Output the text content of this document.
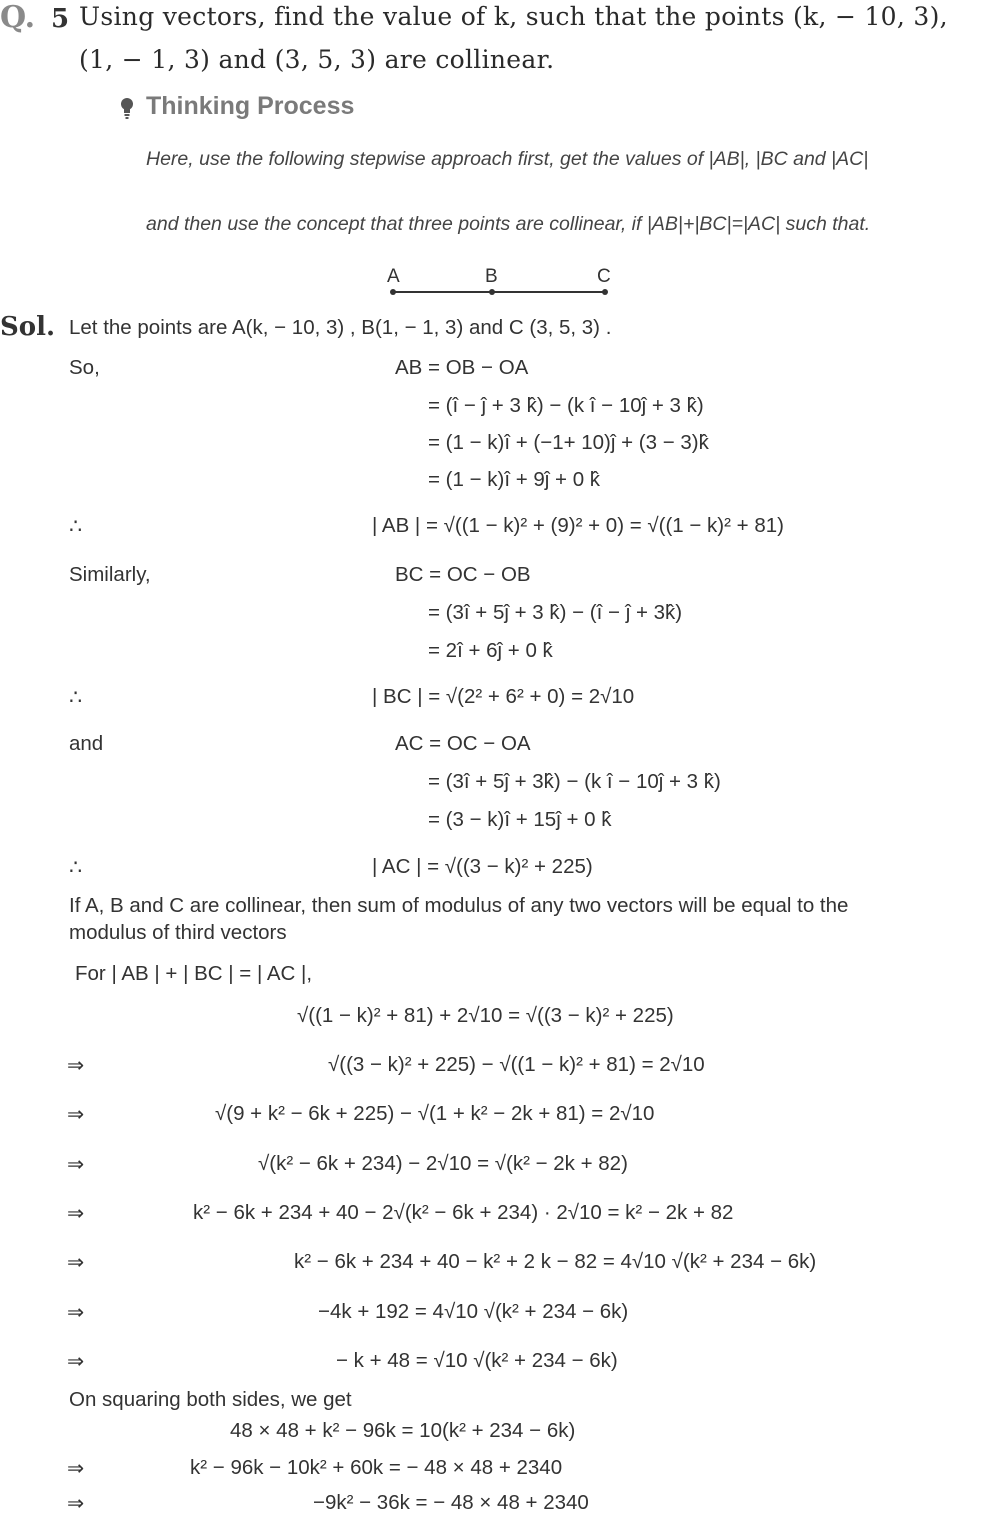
Q. 5 Using vectors, find the value of k, such that the points (k, − 10, 3),
(1, − 1, 3) and (3, 5, 3) are collinear.
Thinking Process
Here, use the following stepwise approach first, get the values of |AB|, |BC and |AC|
and then use the concept that three points are collinear, if |AB|+|BC|=|AC| such that.
A	B	C
Sol. Let the points are A(k, − 10, 3) , B(1, − 1, 3) and C (3, 5, 3) .
So,	AB = OB − OA
= (î − ĵ + 3 k̂) − (k î − 10ĵ + 3 k̂)
= (1 − k)î + (−1+ 10)ĵ + (3 − 3)k̂
= (1 − k)î + 9ĵ + 0 k̂
∴	| AB | = √((1 − k)² + (9)² + 0) = √((1 − k)² + 81)
Similarly,	BC = OC − OB
= (3î + 5ĵ + 3 k̂) − (î − ĵ + 3k̂)
= 2î + 6ĵ + 0 k̂
∴	| BC | = √(2² + 6² + 0) = 2√10
and	AC = OC − OA
= (3î + 5ĵ + 3k̂) − (k î − 10ĵ + 3 k̂)
= (3 − k)î + 15ĵ + 0 k̂
∴	| AC | = √((3 − k)² + 225)
If A, B and C are collinear, then sum of modulus of any two vectors will be equal to the
modulus of third vectors
For | AB | + | BC | = | AC |,
√((1 − k)² + 81) + 2√10 = √((3 − k)² + 225)
⇒	√((3 − k)² + 225) − √((1 − k)² + 81) = 2√10
⇒	√(9 + k² − 6k + 225) − √(1 + k² − 2k + 81) = 2√10
⇒	√(k² − 6k + 234) − 2√10 = √(k² − 2k + 82)
⇒	k² − 6k + 234 + 40 − 2√(k² − 6k + 234) · 2√10 = k² − 2k + 82
⇒	k² − 6k + 234 + 40 − k² + 2 k − 82 = 4√10 √(k² + 234 − 6k)
⇒	−4k + 192 = 4√10 √(k² + 234 − 6k)
⇒	− k + 48 = √10 √(k² + 234 − 6k)
On squaring both sides, we get
48 × 48 + k² − 96k = 10(k² + 234 − 6k)
⇒	k² − 96k − 10k² + 60k = − 48 × 48 + 2340
⇒	−9k² − 36k = − 48 × 48 + 2340
